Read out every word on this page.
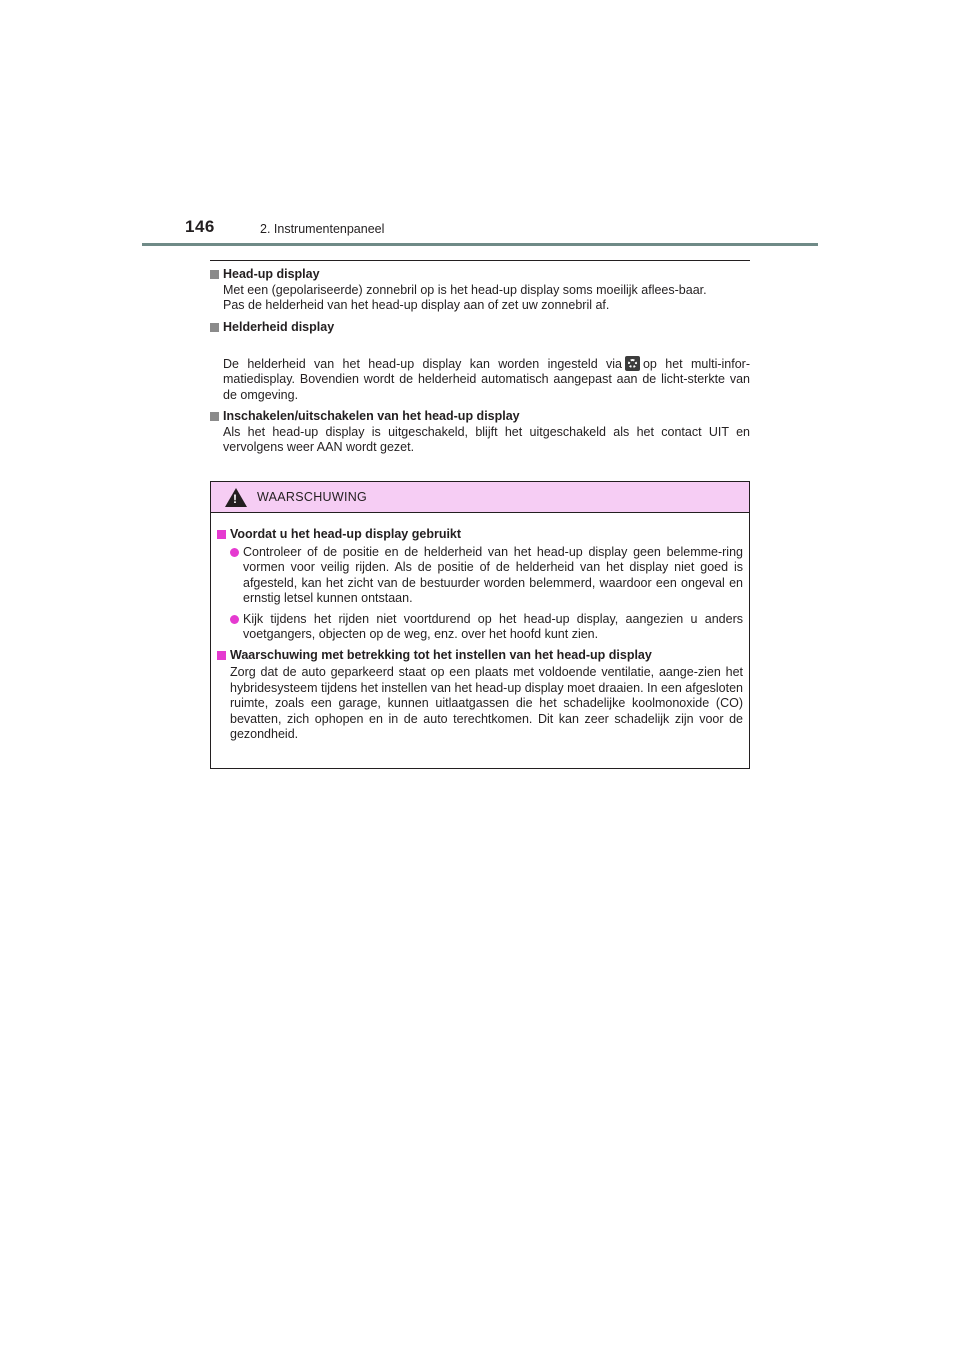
146	2. Instrumentenpaneel
Head-up display
Met een (gepolariseerde) zonnebril op is het head-up display soms moeilijk aflees-baar.
Pas de helderheid van het head-up display aan of zet uw zonnebril af.
Helderheid display

De helderheid van het head-up display kan worden ingesteld via op het multi-infor-matiedisplay. Bovendien wordt de helderheid automatisch aangepast aan de licht-sterkte van de omgeving.

Inschakelen/uitschakelen van het head-up display
Als het head-up display is uitgeschakeld, blijft het uitgeschakeld als het contact UIT en vervolgens weer AAN wordt gezet.
!
WAARSCHUWING
Voordat u het head-up display gebruikt
Controleer of de positie en de helderheid van het head-up display geen belemme-ring vormen voor veilig rijden. Als de positie of de helderheid van het display niet goed is afgesteld, kan het zicht van de bestuurder worden belemmerd, waardoor een ongeval en ernstig letsel kunnen ontstaan.
Kijk tijdens het rijden niet voortdurend op het head-up display, aangezien u anders voetgangers, objecten op de weg, enz. over het hoofd kunt zien.
Waarschuwing met betrekking tot het instellen van het head-up display
Zorg dat de auto geparkeerd staat op een plaats met voldoende ventilatie, aange-zien het hybridesysteem tijdens het instellen van het head-up display moet draaien. In een afgesloten ruimte, zoals een garage, kunnen uitlaatgassen die het schadelijke koolmonoxide (CO) bevatten, zich ophopen en in de auto terechtkomen. Dit kan zeer schadelijk zijn voor de gezondheid.
